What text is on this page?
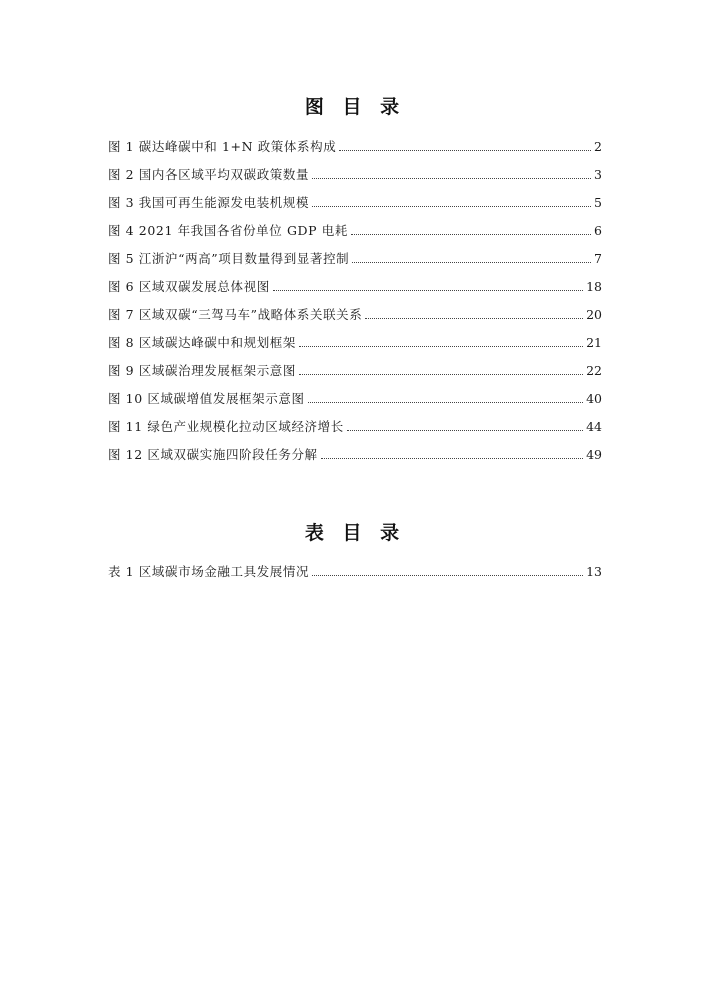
图 目 录
图 1 碳达峰碳中和 1+N 政策体系构成	2
图 2 国内各区域平均双碳政策数量	3
图 3 我国可再生能源发电装机规模	5
图 4 2021 年我国各省份单位 GDP 电耗	6
图 5 江浙沪“两高”项目数量得到显著控制	7
图 6 区域双碳发展总体视图	18
图 7 区域双碳“三驾马车”战略体系关联关系	20
图 8 区域碳达峰碳中和规划框架	21
图 9 区域碳治理发展框架示意图	22
图 10 区域碳增值发展框架示意图	40
图 11 绿色产业规模化拉动区域经济增长	44
图 12 区域双碳实施四阶段任务分解	49
表 目 录
表 1 区域碳市场金融工具发展情况	13
